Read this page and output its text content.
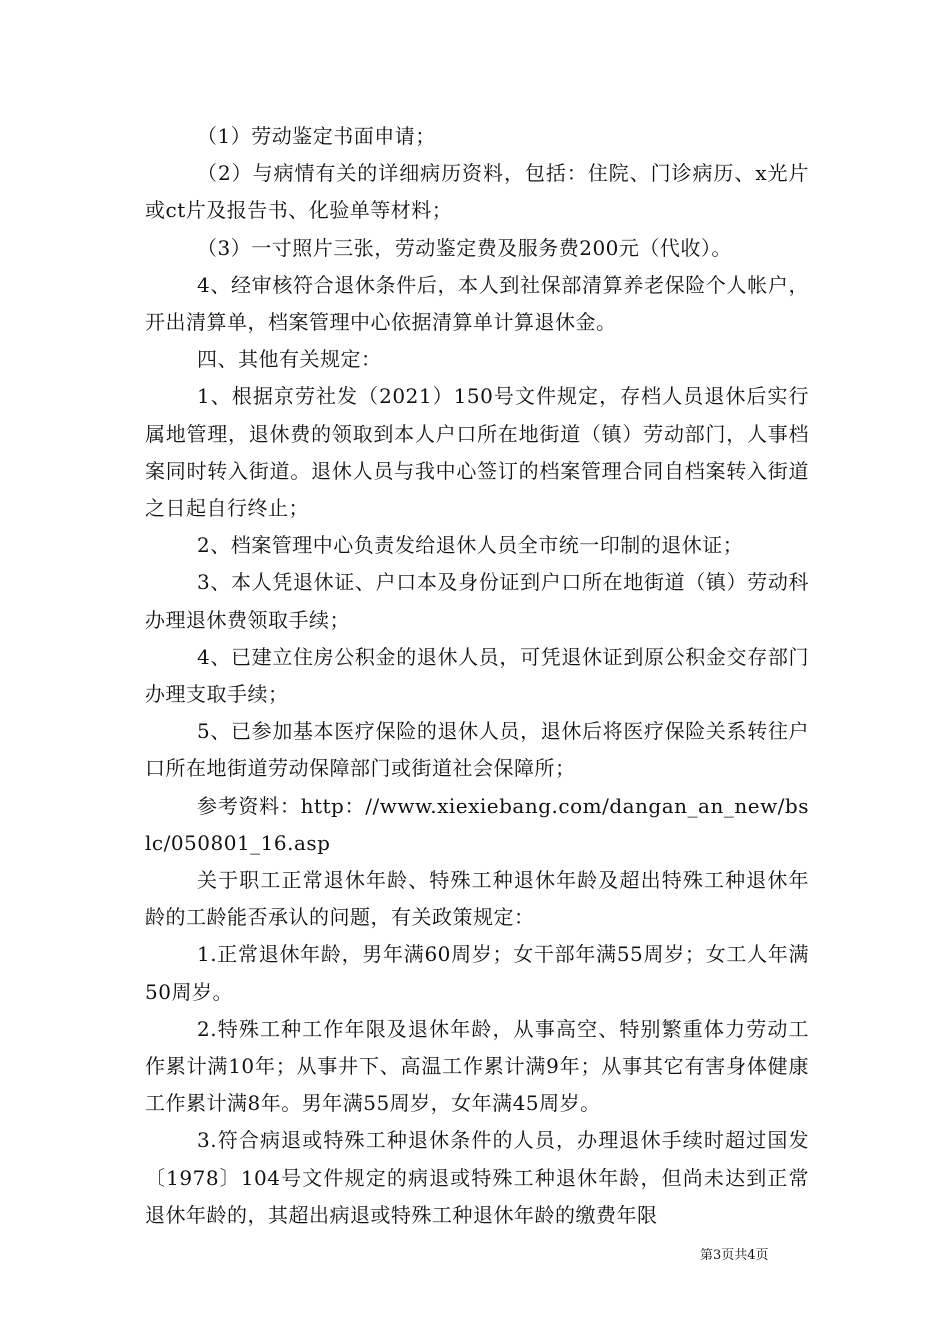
（1）劳动鉴定书面申请；

（2）与病情有关的详细病历资料，包括：住院、门诊病历、x光片或ct片及报告书、化验单等材料；

（3）一寸照片三张，劳动鉴定费及服务费200元（代收）。

4、经审核符合退休条件后，本人到社保部清算养老保险个人帐户，开出清算单，档案管理中心依据清算单计算退休金。

四、其他有关规定：

1、根据京劳社发（2021）150号文件规定，存档人员退休后实行属地管理，退休费的领取到本人户口所在地街道（镇）劳动部门，人事档案同时转入街道。退休人员与我中心签订的档案管理合同自档案转入街道之日起自行终止；

2、档案管理中心负责发给退休人员全市统一印制的退休证；

3、本人凭退休证、户口本及身份证到户口所在地街道（镇）劳动科办理退休费领取手续；

4、已建立住房公积金的退休人员，可凭退休证到原公积金交存部门办理支取手续；

5、已参加基本医疗保险的退休人员，退休后将医疗保险关系转往户口所在地街道劳动保障部门或街道社会保障所；

参考资料：http：//www.xiexiebang.com/dangan_an_new/bslc/050801_16.asp

关于职工正常退休年龄、特殊工种退休年龄及超出特殊工种退休年龄的工龄能否承认的问题，有关政策规定：

1.正常退休年龄，男年满60周岁；女干部年满55周岁；女工人年满50周岁。

2.特殊工种工作年限及退休年龄，从事高空、特别繁重体力劳动工作累计满10年；从事井下、高温工作累计满9年；从事其它有害身体健康工作累计满8年。男年满55周岁，女年满45周岁。

3.符合病退或特殊工种退休条件的人员，办理退休手续时超过国发〔1978〕104号文件规定的病退或特殊工种退休年龄，但尚未达到正常退休年龄的，其超出病退或特殊工种退休年龄的缴费年限

第3页共4页
